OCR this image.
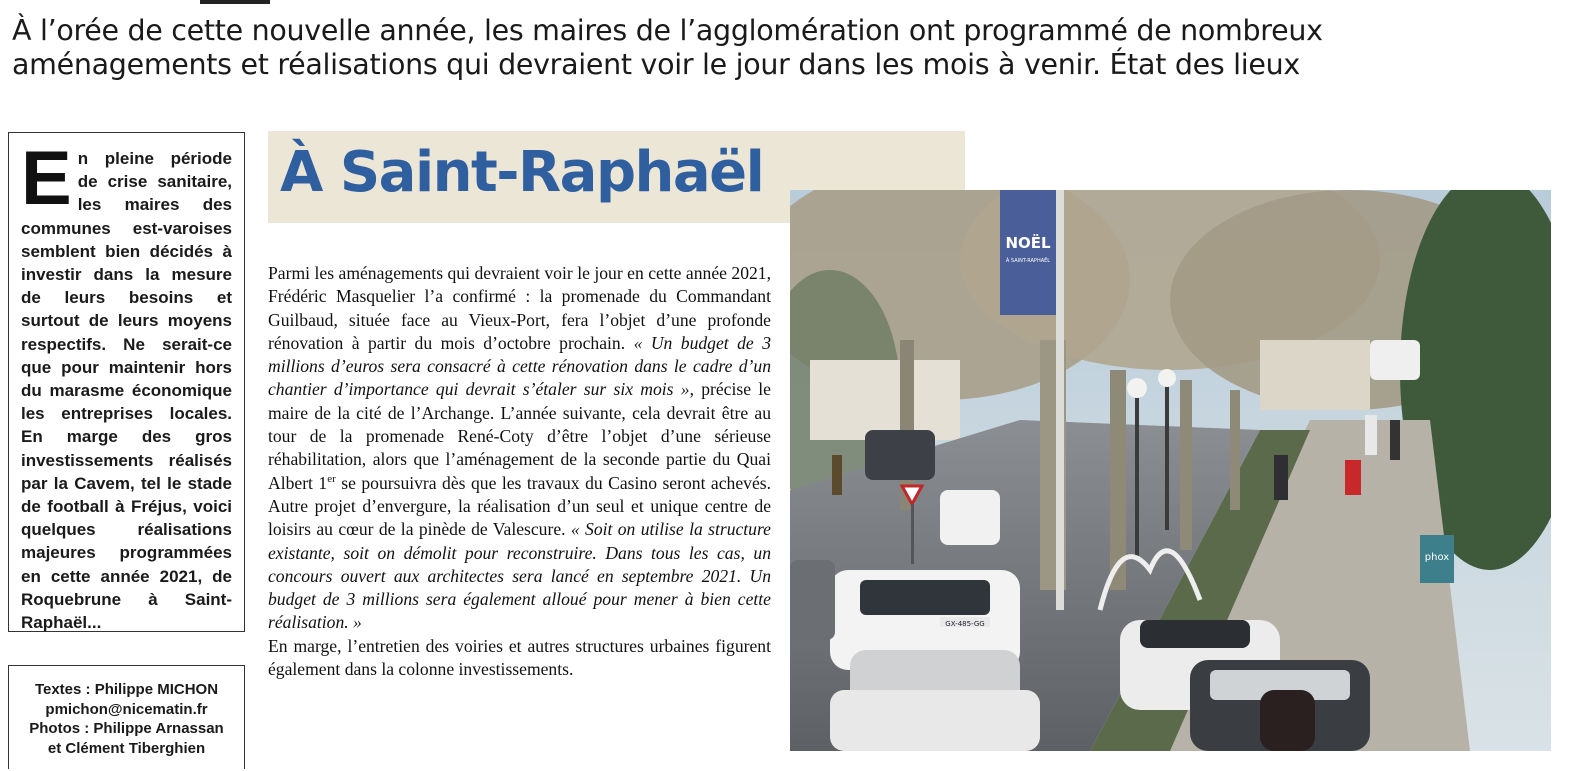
À l’orée de cette nouvelle année, les maires de l’agglomération ont programmé de nombreux
aménagements et réalisations qui devraient voir le jour dans les mois à venir. État des lieux
En pleine période de crise sanitaire, les maires des communes est-varoises semblent bien décidés à investir dans la mesure de leurs besoins et surtout de leurs moyens respectifs. Ne serait-ce que pour maintenir hors du marasme économique les entreprises locales. En marge des gros investissements réalisés par la Cavem, tel le stade de football à Fréjus, voici quelques réalisations majeures programmées en cette année 2021, de Roquebrune à Saint-Raphaël...
Textes : Philippe MICHON
pmichon@nicematin.fr
Photos : Philippe Arnassan
et Clément Tiberghien
À Saint-Raphaël
Parmi les aménagements qui devraient voir le jour en cette année 2021, Frédéric Masquelier l’a confirmé : la promenade du Commandant Guilbaud, située face au Vieux-Port, fera l’objet d’une profonde rénovation à partir du mois d’octobre prochain. « Un budget de 3 millions d’euros sera consacré à cette rénovation dans le cadre d’un chantier d’importance qui devrait s’étaler sur six mois », précise le maire de la cité de l’Archange. L’année suivante, cela devrait être au tour de la promenade René-Coty d’être l’objet d’une sérieuse réhabilitation, alors que l’aménagement de la seconde partie du Quai Albert 1er se poursuivra dès que les travaux du Casino seront achevés. Autre projet d’envergure, la réalisation d’un seul et unique centre de loisirs au cœur de la pinède de Valescure. « Soit on utilise la structure existante, soit on démolit pour reconstruire. Dans tous les cas, un concours ouvert aux architectes sera lancé en septembre 2021. Un budget de 3 millions sera également alloué pour mener à bien cette réalisation. »
En marge, l’entretien des voiries et autres structures urbaines figurent également dans la colonne investissements.
NOËL
À SAINT-RAPHAËL
phox
GX-485-GG
